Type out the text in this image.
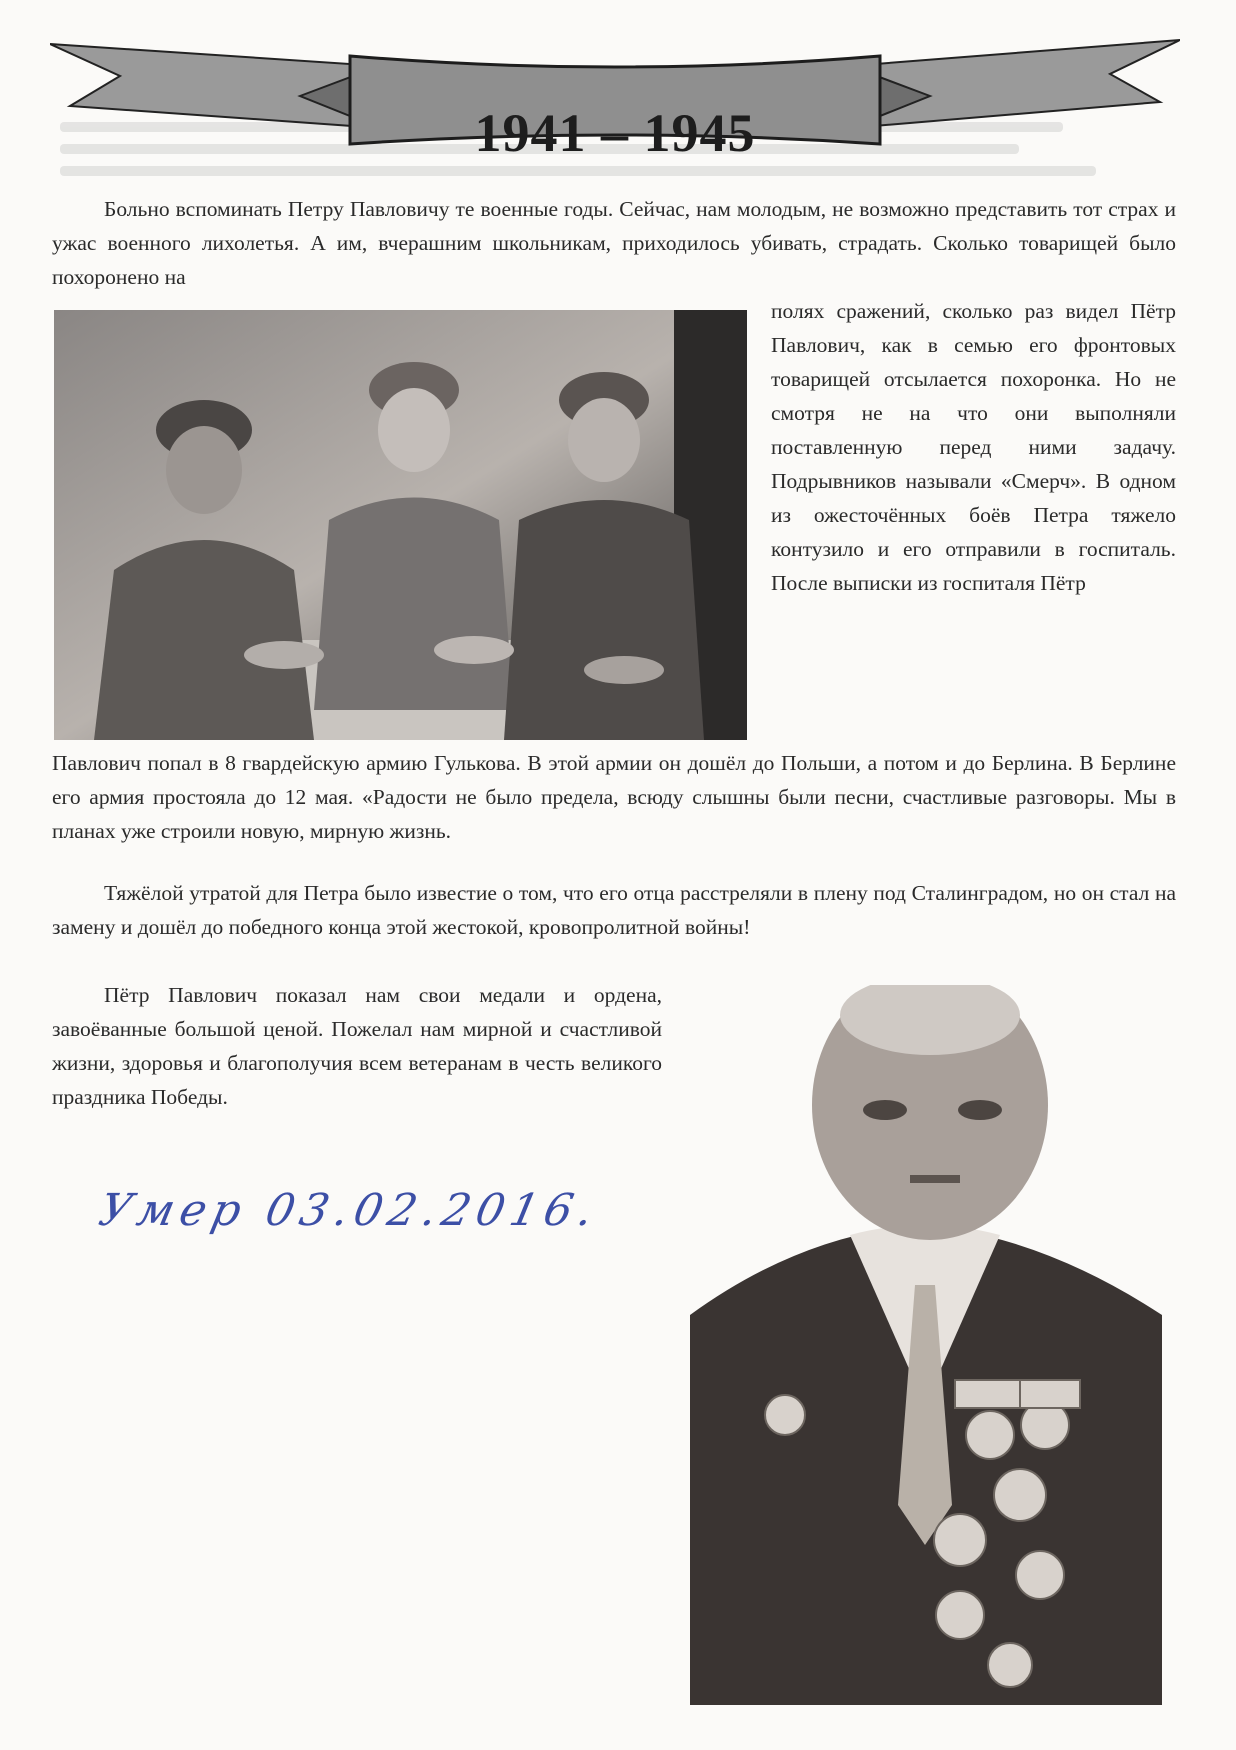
1941 – 1945

Больно вспоминать Петру Павловичу те военные годы. Сейчас, нам молодым, не возможно представить тот страх и ужас военного лихолетья. А им, вчерашним школьникам, приходилось убивать, страдать. Сколько товарищей было похоронено на

полях сражений, сколько раз видел Пётр Павлович, как в семью его фронтовых товарищей отсылается похоронка. Но не смотря не на что они выполняли поставленную перед ними задачу. Подрывников называли «Смерч». В одном из ожесточённых боёв Петра тяжело контузило и его отправили в госпиталь. После выписки из госпиталя Пётр

Павлович попал в 8 гвардейскую армию Гулькова. В этой армии он дошёл до Польши, а потом и до Берлина. В Берлине его армия простояла до 12 мая. «Радости не было предела, всюду слышны были песни, счастливые разговоры. Мы в планах уже строили новую, мирную жизнь.

Тяжёлой утратой для Петра было известие о том, что его отца расстреляли в плену под Сталинградом, но он стал на замену и дошёл до победного конца этой жестокой, кровопролитной войны!

Пётр Павлович показал нам свои медали и ордена, завоёванные большой ценой. Пожелал нам мирной и счастливой жизни, здоровья и благополучия всем ветеранам в честь великого праздника Победы.

Умер 03.02.2016.
